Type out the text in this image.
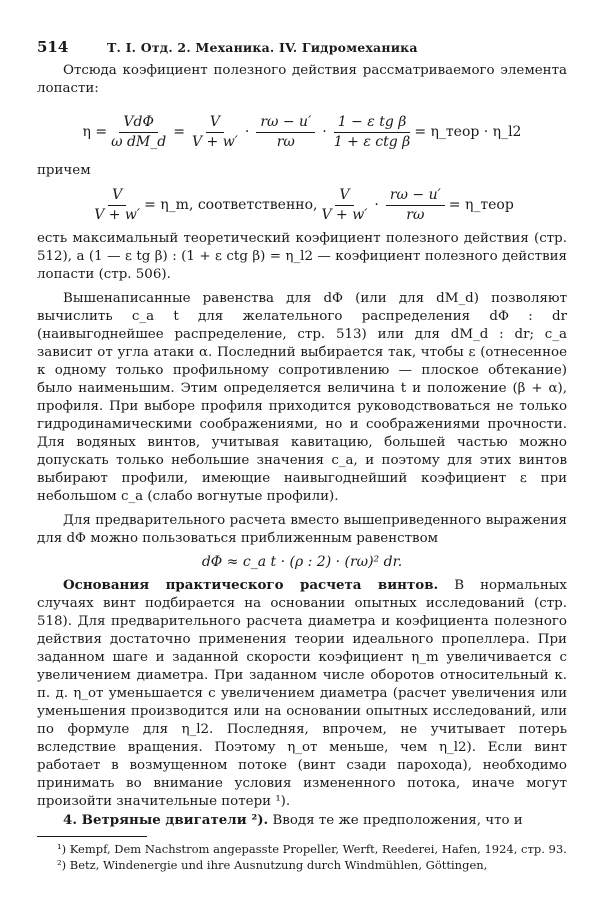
514	Т. I. Отд. 2. Механика. IV. Гидромеханика

Отсюда коэфициент полезного действия рассматриваемого элемента лопасти:

$\eta = \frac{\text{VdΦ}}{\text{ω dM\_d}} = \frac{V}{V + w'} \cdot \frac{r\omega - u'}{r\omega} \cdot \frac{\text{1 − ε tg β}}{\text{1 + ε ctg β}}$ = η_теор · η_l2

причем

$\frac{V}{V + w'}$ = η_m, соответственно, $\frac{V}{V + w'} \cdot \frac{r\omega - u'}{r\omega}$ = η_теор

есть максимальный теоретический коэфициент полезного действия (стр. 512), а (1 — ε tg β) : (1 + ε ctg β) = η_l2 — коэфициент полезного действия лопасти (стр. 506).

Вышенаписанные равенства для dΦ (или для dM_d) позволяют вычислить c_a t для желательного распределения dΦ : dr (наивыгоднейшее распределение, стр. 513) или для dM_d : dr; c_a зависит от угла атаки α. Последний выбирается так, чтобы ε (отнесенное к одному только профильному сопротивлению — плоское обтекание) было наименьшим. Этим определяется величина t и положение (β + α), профиля. При выборе профиля приходится руководствоваться не только гидродинамическими соображениями, но и соображениями прочности. Для водяных винтов, учитывая кавитацию, большей частью можно допускать только небольшие значения c_a, и поэтому для этих винтов выбирают профили, имеющие наивыгоднейший коэфициент ε при небольшом c_a (слабо вогнутые профили).

Для предварительного расчета вместо вышеприведенного выражения для dΦ можно пользоваться приближенным равенством

dΦ ≈ c_a t · (ρ : 2) · (rω)² dr.

Основания практического расчета винтов. В нормальных случаях винт подбирается на основании опытных исследований (стр. 518). Для предварительного расчета диаметра и коэфициента полезного действия достаточно применения теории идеального пропеллера. При заданном шаге и заданной скорости коэфициент η_m увеличивается с увеличением диаметра. При заданном числе оборотов относительный к. п. д. η_от уменьшается с увеличением диаметра (расчет увеличения или уменьшения производится или на основании опытных исследований, или по формуле для η_l2. Последняя, впрочем, не учитывает потерь вследствие вращения. Поэтому η_от меньше, чем η_l2). Если винт работает в возмущенном потоке (винт сзади парохода), необходимо принимать во внимание условия измененного потока, иначе могут произойти значительные потери ¹).

4. Ветряные двигатели ²). Вводя те же предположения, что и

¹) Kempf, Dem Nachstrom angepasste Propeller, Werft, Reederei, Hafen, 1924, стр. 93.

²) Betz, Windenergie und ihre Ausnutzung durch Windmühlen, Göttingen,
